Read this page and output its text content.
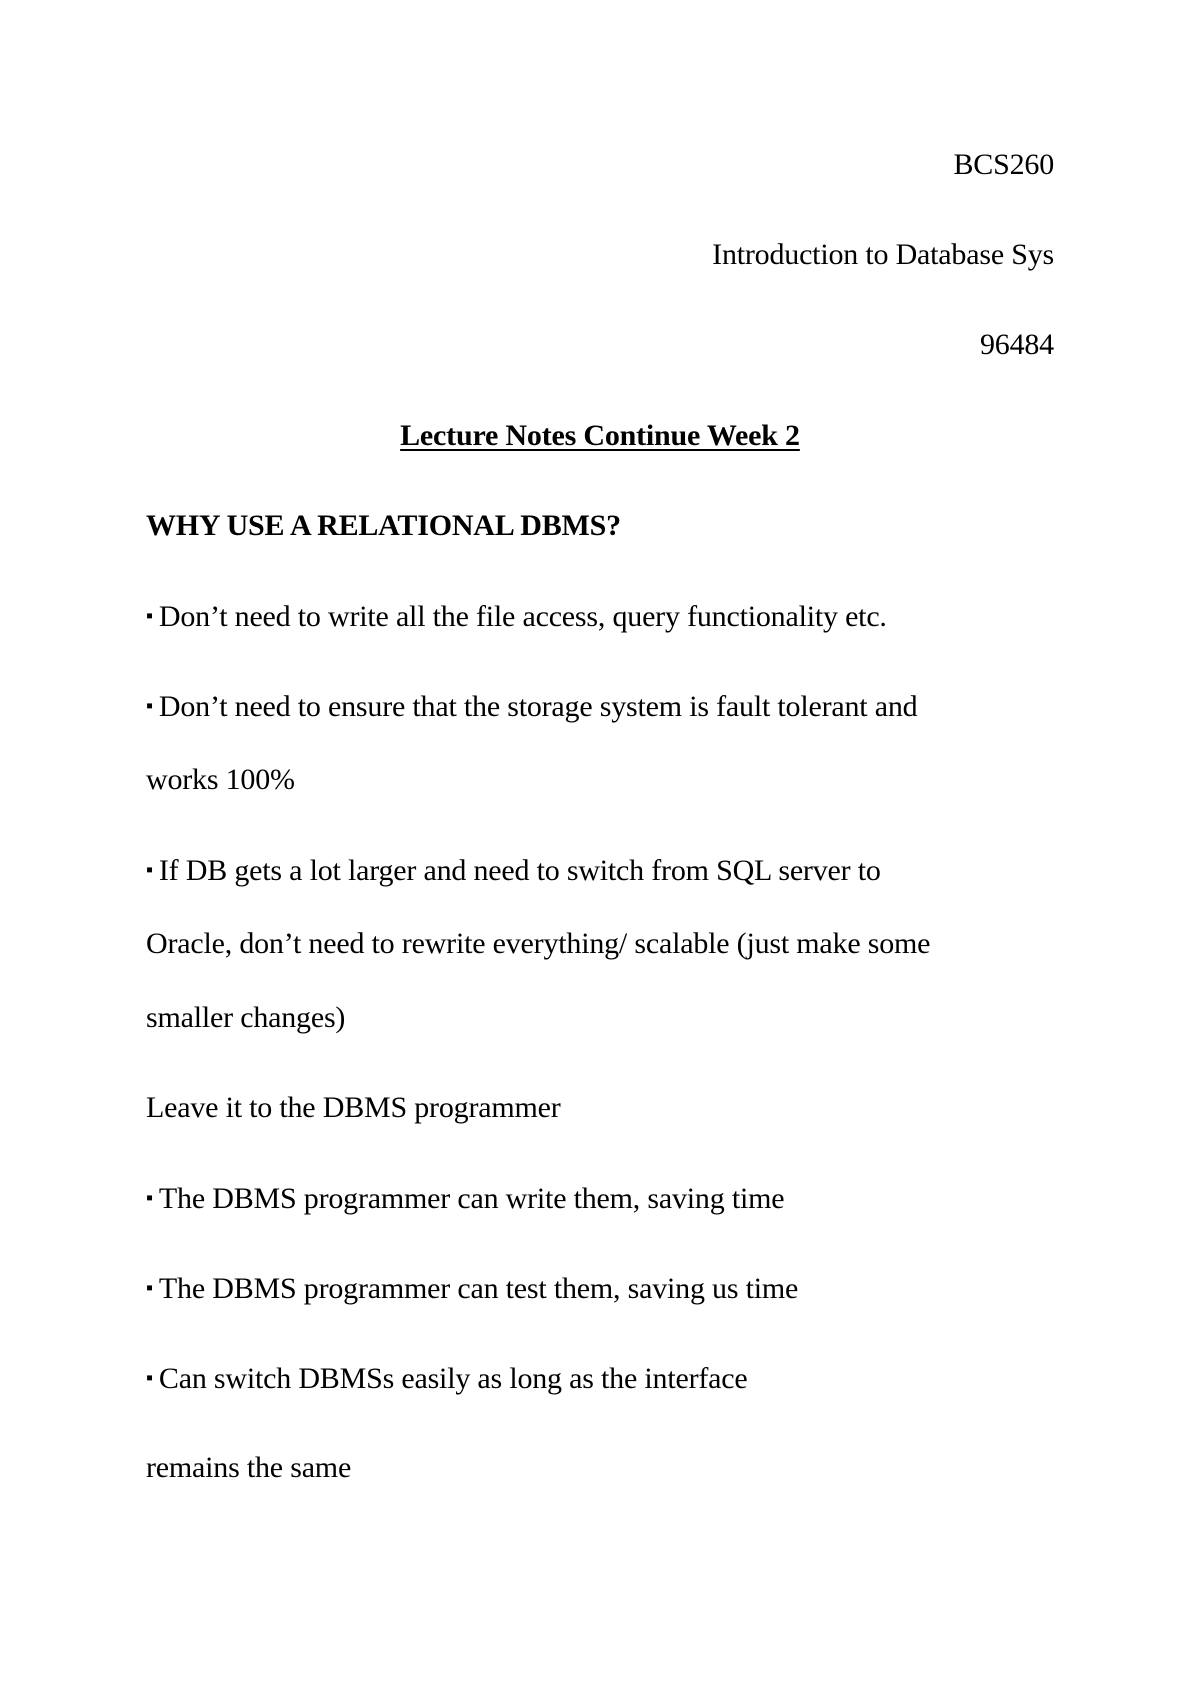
BCS260
Introduction to Database Sys
96484
Lecture Notes Continue Week 2
WHY USE A RELATIONAL DBMS?
▪ Don’t need to write all the file access, query functionality etc.
▪ Don’t need to ensure that the storage system is fault tolerant and
works 100%
▪ If DB gets a lot larger and need to switch from SQL server to
Oracle, don’t need to rewrite everything/ scalable (just make some
smaller changes)
Leave it to the DBMS programmer
▪ The DBMS programmer can write them, saving time
▪ The DBMS programmer can test them, saving us time
▪ Can switch DBMSs easily as long as the interface
remains the same
